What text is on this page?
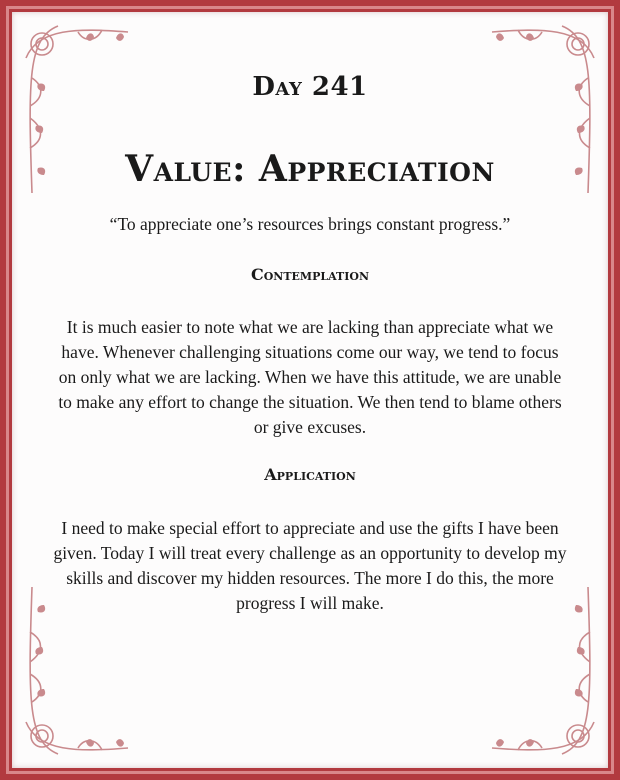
Day 241
Value: Appreciation

“To appreciate one’s resources brings constant progress.”

Contemplation

It is much easier to note what we are lacking than appreciate what we have. Whenever challenging situations come our way, we tend to focus on only what we are lacking. When we have this attitude, we are unable to make any effort to change the situation. We then tend to blame others or give excuses.

Application

I need to make special effort to appreciate and use the gifts I have been given. Today I will treat every challenge as an opportunity to develop my skills and discover my hidden resources. The more I do this, the more progress I will make.
